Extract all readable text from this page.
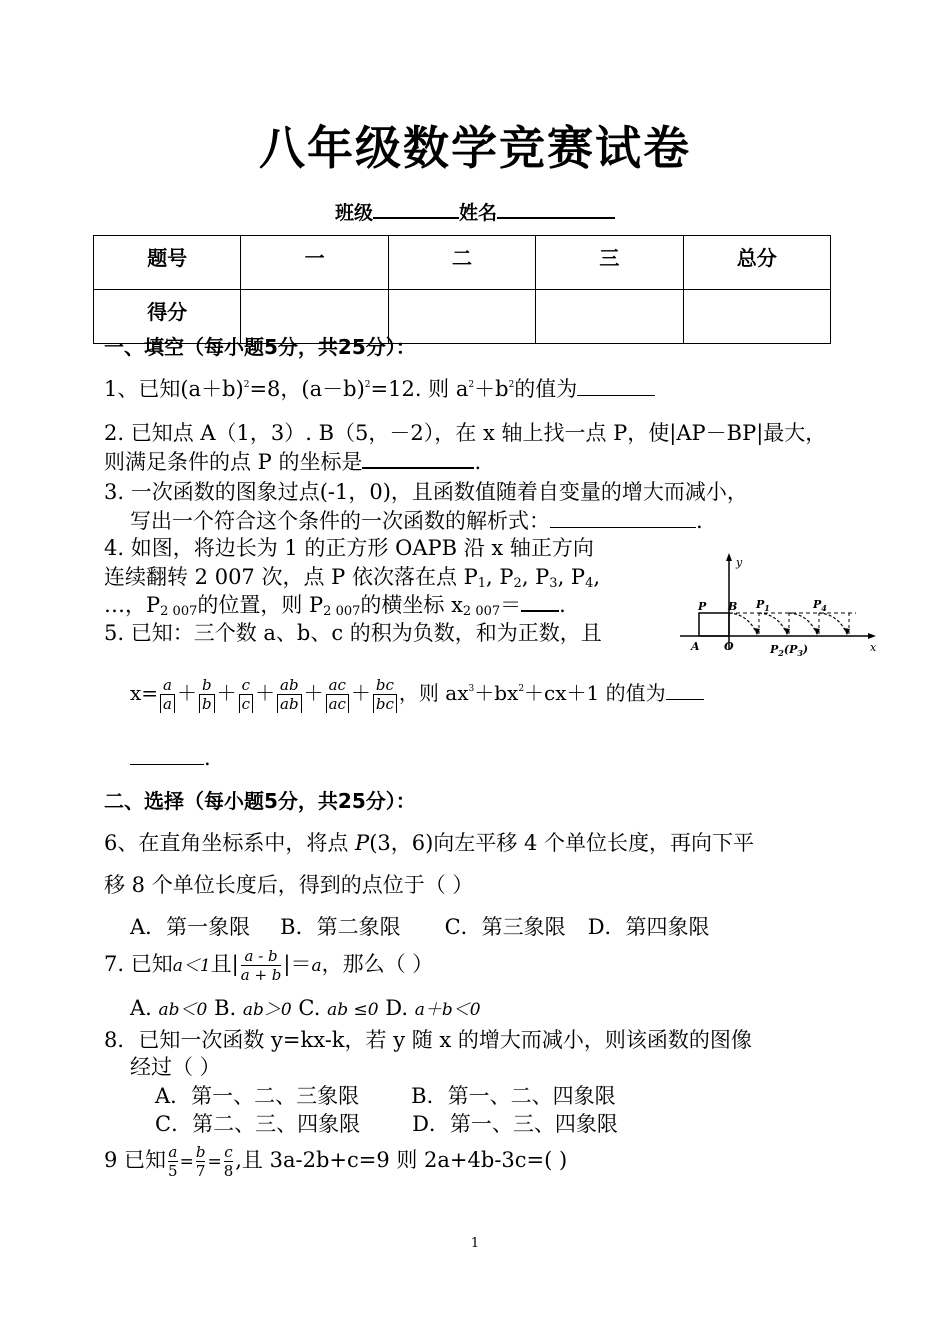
八年级数学竞赛试卷
班级	姓名
题号	一	二	三	总分
得分				
一、填空（每小题5分，共25分）：
1、已知$(a+b)^2=8$，$(a-b)^2=12$. 则 $a^2+b^2$的值为
2. 已知点 A（1，3）. B（5，－2），在 x 轴上找一点 P，使|AP－BP|最大，
则满足条件的点 P 的坐标是	.
3. 一次函数的图象过点(-1，0)，且函数值随着自变量的增大而减小，
写出一个符合这个条件的一次函数的解析式：	.
4. 如图，将边长为 1 的正方形 OAPB 沿 x 轴正方向
连续翻转 2 007 次，点 P 依次落在点 $P_1$, $P_2$, $P_3$, $P_4$,
…，$P_{2 007}$的位置，则 $P_{2 007}$的横坐标 $x_{2 007}=$ .
y
x
P B
A O
$P_1$	$P_4$
$P_2(P_3)$
5. 已知：三个数 a、b、c 的积为负数，和为正数，且
$x= \frac{a}{a} + \frac{b}{b} + \frac{c}{c} + \frac{ab}{ab} + \frac{ac}{ac} + \frac{bc}{bc}$ ，则 $ax^3+bx^2+cx+1$ 的值为
.
二、选择（每小题5分，共25分）：
6、在直角坐标系中，将点 P(3，6)向左平移 4 个单位长度，再向下平
移 8 个单位长度后，得到的点位于（ ）
A．第一象限 B．第二象限 C．第三象限 D．第四象限
7. 已知a＜1且| $\frac{a - b}{a + b} |=a$，那么（ ）
A. ab＜0 B. ab＞0 C. ab ≤0 D. a＋b＜0
8．已知一次函数 y=kx-k，若 y 随 x 的增大而减小，则该函数的图像
经过（ ）
A．第一、二、三象限 B．第一、二、四象限
C．第二、三、四象限 D．第一、三、四象限
9 已知 $\frac{a}{5} = \frac{b}{7} = \frac{c}{8}$ ,且 3a-2b+c=9 则 2a+4b-3c=( )
1
